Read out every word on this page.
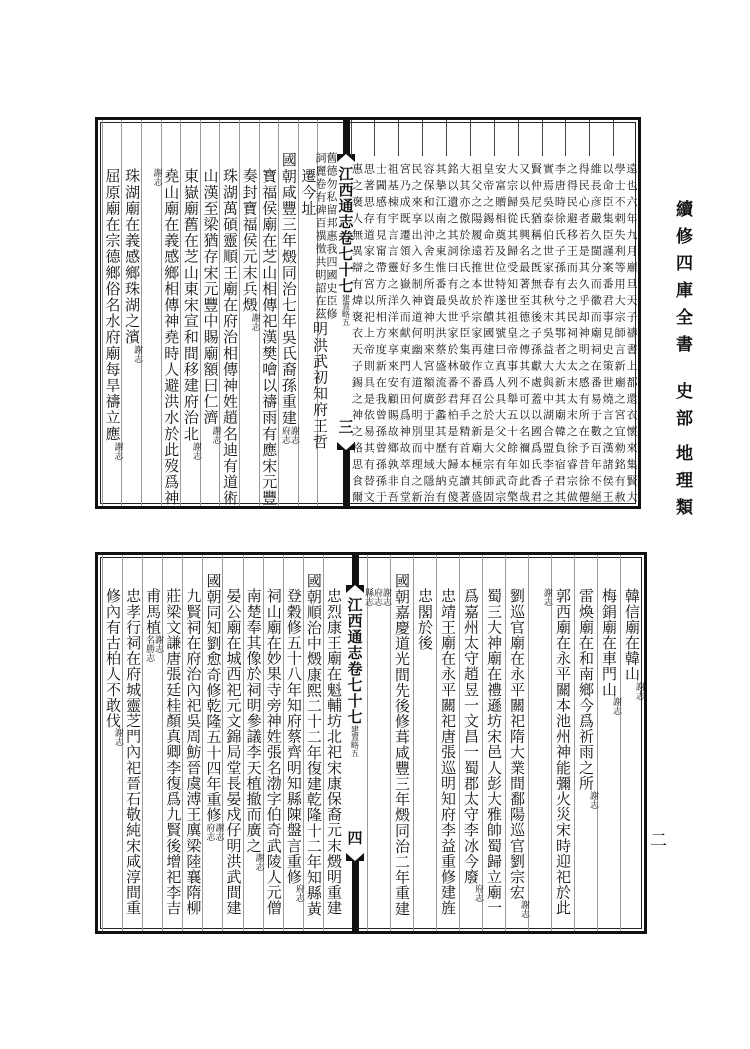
續修四庫全書史部地理類
二
舊德勿私留邦惠我四國史臣修
詞麗卷有碑百禩徵共明詔在茲
明洪武初知府王哲
遷今址
國朝咸豐三年燬同治七年吳氏裔孫重建
謝志
府志
寶福侯廟在芝山相傳祀漢樊噲以禱雨有應宋元豐
奏封寶福侯元末兵燬
謝志
珠湖萬碩靈順王廟在府治相傳神姓趙名迪有道術
山漢至梁猶存宋元豐中賜廟額曰仁濟
謝志
東嶽廟舊在芝山東宋宣和間移建府治北
謝志
堯山廟在義感鄉相傳神堯時人避洪水於此歿爲神
謝志
珠湖廟在義感鄉珠湖之濱
謝志
屈原廟在宗德鄉俗名水府廟每旱禱立應
謝志
江西通志卷七十七
建置略五
三	遠也六年九月廟旦天子禱書上都還衣懷來集賢大
學士不剌失利等用大宗師言新廟之宮宜勑銘有赦
以命臣集臣謹案番君事見史策世燒言之漢諸侯王
維長彦嚴久閩分而徽而廟祠在番易于數百年不絕
得民心者若是其久乎却神明之感有所在予昔徐僊
之得民避移王而去之民祠之太末太末之徐睿宗做
李唐時徐氏子孫有兮其鄂者大新其廟韓負宿君其
實焉吳泰伯世家春秋末吳益大與中湖合盟李子之
賢仲尼猶稱之旣無其後子孫獻處蓋以國爲氏香君
又以吳氏興名最著至德之傳其不可以名禰如此哉
大宗歸從其歸受知世祖皇帝事列舉五十餘年奇檠
安富贈相奠及位特遂其號曰真人具大父父有武宗
皇帝之錫命若世世祚饋國建立爲公於是大宗師固
祖父之陽履遠推本於宗家再作番召之新廟極其盛
大其亦傲於徐氏之故乎臣集破不拜手精首本讀著
銘以遺之其詞曰有吳世家於林番君柏是有歸克傻
其摯江南之東惟番最大洪蔡盛流彭蠡其歷大納有
容保和以沖舍生所資神明來宮額廣于里中域隱治
民之來享出入多制神道何幽人道何明別而理之新
宮乃成既遷領好嶽久而献東門有田爲神故萃自堂
祖基棟宇言言靈之洋洋來享來安顧賜故鄉孰非吾
士閪感有見甯帶方所相方度新在我曾孫曾孫孫于
思著思存道家之宮以祀上帝則具是依易其有替文
惠之褒人無異辯有煒褒衣天子錫之神之格思食爾
忠烈康王廟在魁輔坊北祀宋康保裔元末燬明重建
國朝順治中燬康熙二十二年復建乾隆十二年知縣黃
登穀修五十八年知府蔡齊明知縣陳盤言重修
府志
祠山廟在妙果寺旁神姓張名渤字伯奇武陵人元僧
南楚奉其像於祠明參議李天植撤而廣之
謝志
晏公廟在城西祀元文錦局堂長晏戍仔明洪武間建
國朝同知劉愈奇修乾隆五十四年重修
謝志
府志
九賢祠在府治內祀吳周魴晉虞溥王廙梁陸襄隋柳
莊梁文謙唐張廷桂顏真卿李復爲九賢後增祀李吉
甫馬植
謝志
名勝志
忠孝行祠在府城靈芝門內祀晉石敬純宋咸淳間重
修內有古柏人不敢伐
謝志
江西通志卷七十七
建置略五
四
韓信廟在韓山
謝志
梅鋗廟在車門山
謝志
雷煥廟在和南鄉今爲祈雨之所
謝志
郭西廟在永平關本池州神能彌火災宋時迎祀於此
謝志
劉巡官廟在永平關祀隋大業間鄱陽巡官劉宗宏
謝志
蜀三大神廟在禮遜坊宋邑人彭大雅帥蜀歸立廟一
爲嘉州太守趙昱一文昌一蜀郡太守李冰今廢
府志
忠靖王廟在永平關祀唐張巡明知府李益重修建旌
忠閣於後
國朝嘉慶道光間先後修葺咸豐三年燬同治二年重建
謝志
府志
縣志
